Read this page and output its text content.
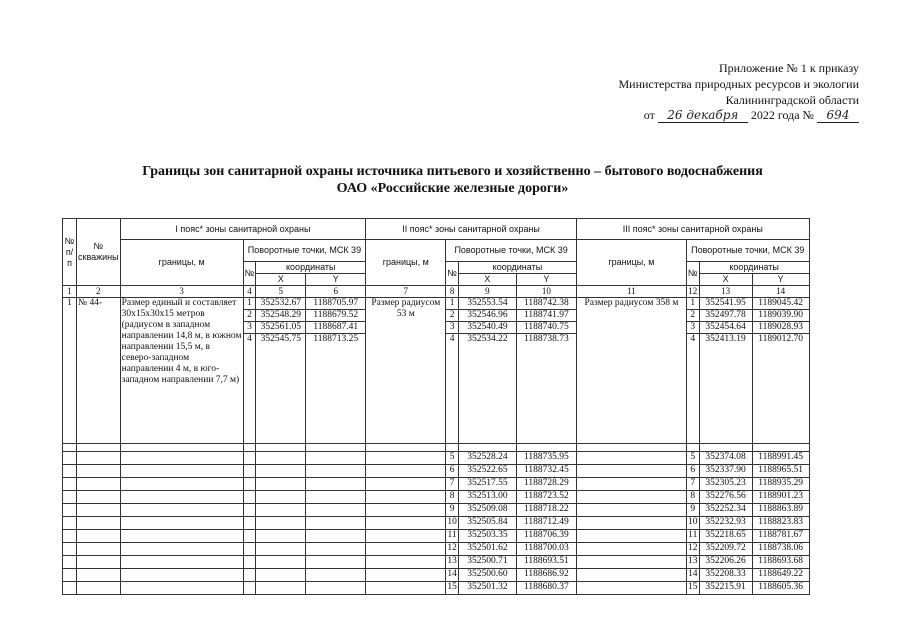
Приложение № 1 к приказу
Министерства природных ресурсов и экологии
Калининградской области
от 26 декабря 2022 года № 694
Границы зон санитарной охраны источника питьевого и хозяйственно – бытового водоснабжения
ОАО «Российские железные дороги»
№ п/п	№ скважины	I пояс* зоны санитарной охраны				II пояс* зоны санитарной охраны				III пояс* зоны санитарной охраны			
		границы, м	Поворотные точки, МСК 39			границы, м	Поворотные точки, МСК 39			границы, м	Поворотные точки, МСК 39		
			№	координаты			№	координаты			№	координаты	
				X	Y			X	Y			X	Y
1	2	3	4	5	6	7	8	9	10	11	12	13	14
1	№ 44-	Размер единый и составляет 30х15х30х15 метров (радиусом в западном направлении 14,8 м, в южном направлении 15,5 м, в северо-западном направлении 4 м, в юго-западном направлении 7,7 м)	1	352532.67	1188705.97	Размер радиусом 53 м	1	352553.54	1188742.38	Размер радиусом 358 м	1	352541.95	1189045.42
			2	352548.29	1188679.52		2	352546.96	1188741.97		2	352497.78	1189039.90
			3	352561.05	1188687.41		3	352540.49	1188740.75		3	352454.64	1189028.93
			4	352545.75	1188713.25		4	352534.22	1188738.73		4	352413.19	1189012.70

							5	352528.24	1188735.95		5	352374.08	1188991.45
							6	352522.65	1188732.45		6	352337.90	1188965.51
							7	352517.55	1188728.29		7	352305.23	1188935.29
							8	352513.00	1188723.52		8	352276.56	1188901.23
							9	352509.08	1188718.22		9	352252.34	1188863.89
							10	352505.84	1188712.49		10	352232.93	1188823.83
							11	352503.35	1188706.39		11	352218.65	1188781.67
							12	352501.62	1188700.03		12	352209.72	1188738.06
							13	352500.71	1188693.51		13	352206.26	1188693.68
							14	352500.60	1188686.92		14	352208.33	1188649.22
							15	352501.32	1188680.37		15	352215.91	1188605.36
